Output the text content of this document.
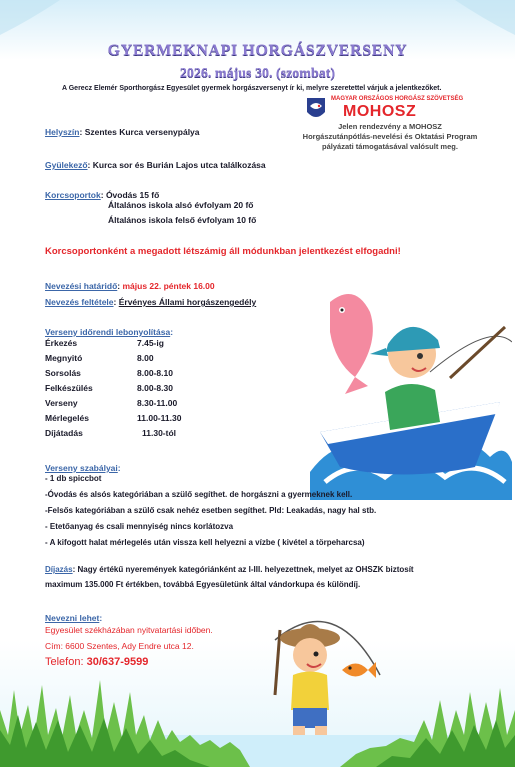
GYERMEKNAPI HORGÁSZVERSENY
2026. május 30. (szombat)
A Gerecz Elemér Sporthorgász Egyesület gyermek horgászversenyt ír ki, melyre szeretettel várjuk a jelentkezőket.
MAGYAR ORSZÁGOS HORGÁSZ SZÖVETSÉG
MOHOSZ
Jelen rendezvény a MOHOSZ
Horgászutánpótlás-nevelési és Oktatási Program
pályázati támogatásával valósult meg.
Helyszín: Szentes Kurca versenypálya
Gyülekező: Kurca sor és Burián Lajos utca találkozása
Korcsoportok: Óvodás 15 fő
Általános iskola alsó évfolyam 20 fő
Általános iskola felső évfolyam 10 fő
Korcsoportonként a megadott létszámig áll módunkban jelentkezést elfogadni!
Nevezési határidő: május 22. péntek 16.00
Nevezés feltétele: Érvényes Állami horgászengedély
Verseny időrendi lebonyolítása:
Érkezés	7.45-ig
Megnyitó	8.00
Sorsolás	8.00-8.10
Felkészülés	8.00-8.30
Verseny	8.30-11.00
Mérlegelés	11.00-11.30
Díjátadás	11.30-tól
Verseny szabályai:
- 1 db spiccbot
-Óvodás és alsós kategóriában a szülő segíthet. de horgászni a gyermeknek kell.
-Felsős kategóriában a szülő csak nehéz esetben segíthet. Pld: Leakadás, nagy hal stb.
- Etetőanyag és csali mennyiség nincs korlátozva
- A kifogott halat mérlegelés után vissza kell helyezni a vízbe ( kivétel a törpeharcsa)
Díjazás: Nagy értékű nyeremények kategóriánként az I-III. helyezettnek, melyet az OHSZK biztosít
maximum 135.000 Ft értékben, továbbá Egyesületünk által vándorkupa és különdíj.
Nevezni lehet:
Egyesület székházában nyitvatartási időben.
Cím: 6600 Szentes, Ady Endre utca 12.
Telefon: 30/637-9599
